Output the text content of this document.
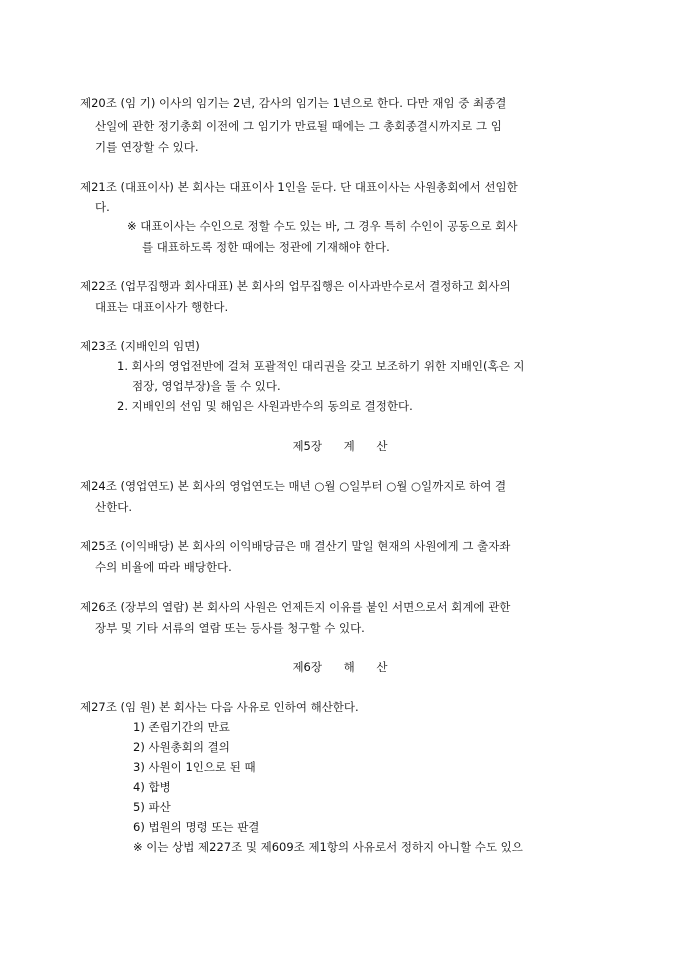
제20조 (임 기) 이사의 임기는 2년, 감사의 임기는 1년으로 한다. 다만 재임 중 최종결
산일에 관한 정기총회 이전에 그 임기가 만료될 때에는 그 총회종결시까지로 그 임
기를 연장할 수 있다.
제21조 (대표이사) 본 회사는 대표이사 1인을 둔다. 단 대표이사는 사원총회에서 선임한
다.
※ 대표이사는 수인으로 정할 수도 있는 바, 그 경우 특히 수인이 공동으로 회사
를 대표하도록 정한 때에는 정관에 기재해야 한다.
제22조 (업무집행과 회사대표) 본 회사의 업무집행은 이사과반수로서 결정하고 회사의
대표는 대표이사가 행한다.
제23조 (지배인의 임면)
1. 회사의 영업전반에 걸쳐 포괄적인 대리권을 갖고 보조하기 위한 지배인(혹은 지
점장, 영업부장)을 둘 수 있다.
2. 지배인의 선임 및 해임은 사원과반수의 동의로 결정한다.
제5장 계 산
제24조 (영업연도) 본 회사의 영업연도는 매년 ○월 ○일부터 ○월 ○일까지로 하여 결
산한다.
제25조 (이익배당) 본 회사의 이익배당금은 매 결산기 말일 현재의 사원에게 그 출자좌
수의 비율에 따라 배당한다.
제26조 (장부의 열람) 본 회사의 사원은 언제든지 이유를 붙인 서면으로서 회계에 관한
장부 및 기타 서류의 열람 또는 등사를 청구할 수 있다.
제6장 해 산
제27조 (임 원) 본 회사는 다음 사유로 인하여 해산한다.
1) 존립기간의 만료
2) 사원총회의 결의
3) 사원이 1인으로 된 때
4) 합병
5) 파산
6) 법원의 명령 또는 판결
※ 이는 상법 제227조 및 제609조 제1항의 사유로서 정하지 아니할 수도 있으
